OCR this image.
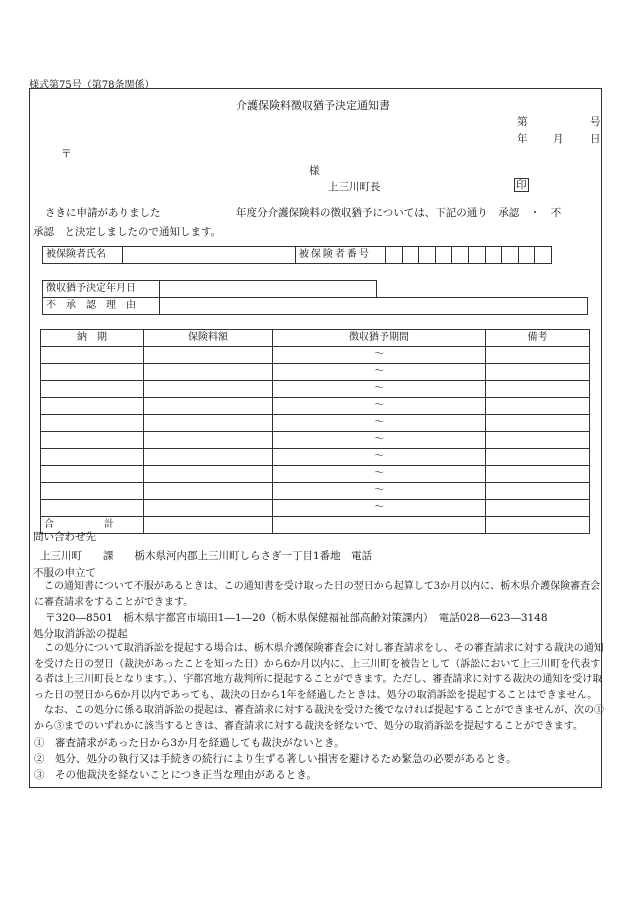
様式第75号（第78条関係）
介護保険料徴収猶予決定通知書
第	号
年 月	日
〒
様
上三川町長	印
さきに申請がありました	年度分介護保険料の徴収猶予については、下記の通り　承認　・　不
承認　と決定しましたので通知します。
被保険者氏名		被保険者番号										
徴収猶予決定年月日		
不　承　認　理　由		
納　期	保険料額	徴収猶予期間	備考
		～	
		～	
		～	
		～	
		～	
		～	
		～	
		～	
		～	
		～	
合　　　　　計			
問い合わせ先
上三川町　　課　　栃木県河内郡上三川町しらさぎ一丁目1番地　電話
不服の申立て
この通知書について不服があるときは、この通知書を受け取った日の翌日から起算して3か月以内に、栃木県介護保険審査会に審査請求をすることができます。
〒320―8501　栃木県宇都宮市塙田1―1―20（栃木県保健福祉部高齢対策課内）　電話028―623―3148
処分取消訴訟の提起
この処分について取消訴訟を提起する場合は、栃木県介護保険審査会に対し審査請求をし、その審査請求に対する裁決の通知を受けた日の翌日（裁決があったことを知った日）から6か月以内に、上三川町を被告として（訴訟において上三川町を代表する者は上三川町長となります。）、宇都宮地方裁判所に提起することができます。ただし、審査請求に対する裁決の通知を受け取った日の翌日から6か月以内であっても、裁決の日から1年を経過したときは、処分の取消訴訟を提起することはできません。
なお、この処分に係る取消訴訟の提起は、審査請求に対する裁決を受けた後でなければ提起することができませんが、次の①から③までのいずれかに該当するときは、審査請求に対する裁決を経ないで、処分の取消訴訟を提起することができます。
①　審査請求があった日から3か月を経過しても裁決がないとき。
②　処分、処分の執行又は手続きの続行により生ずる著しい損害を避けるため緊急の必要があるとき。
③　その他裁決を経ないことにつき正当な理由があるとき。
